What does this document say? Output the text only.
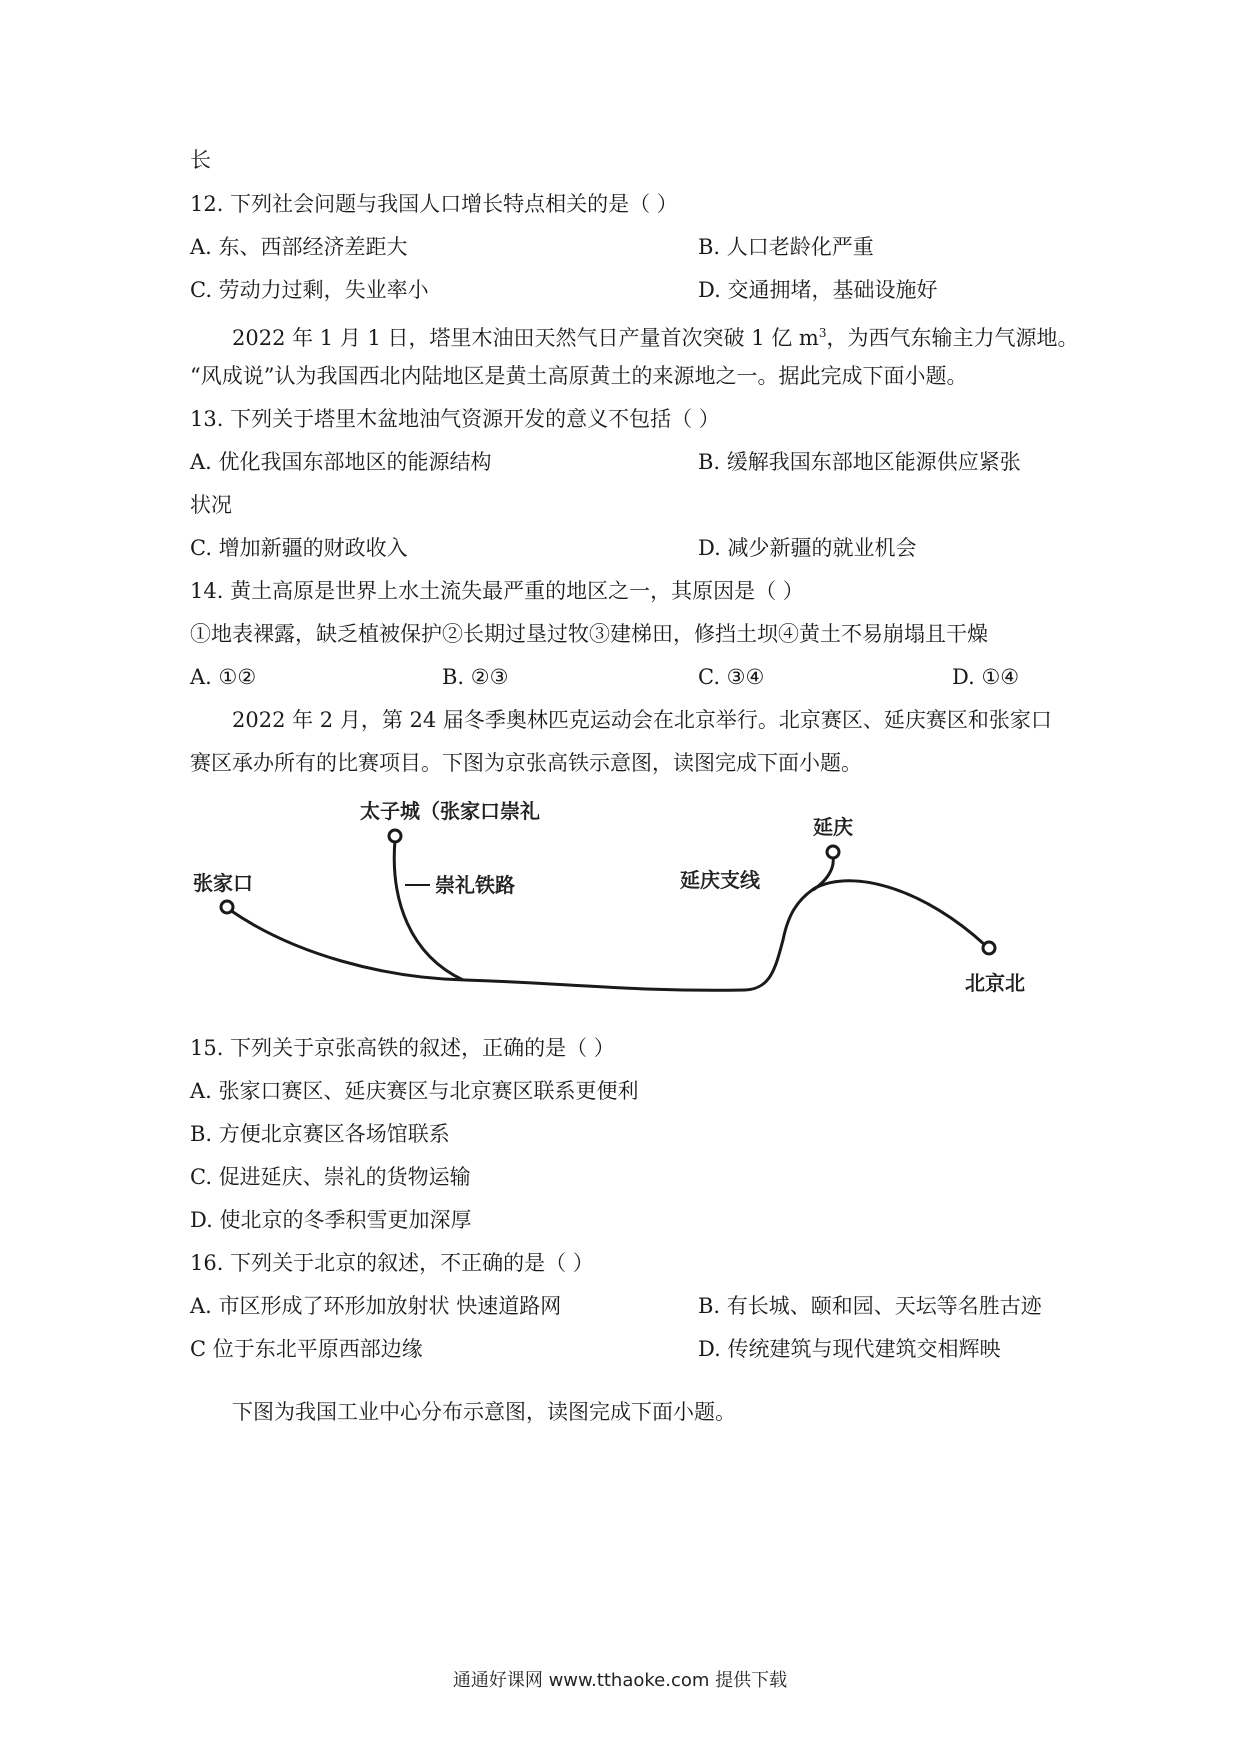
长
12. 下列社会问题与我国人口增长特点相关的是（ ）
A. 东、西部经济差距大	B. 人口老龄化严重
C. 劳动力过剩，失业率小	D. 交通拥堵，基础设施好
2022 年 1 月 1 日，塔里木油田天然气日产量首次突破 1 亿 $m^3$，为西气东输主力气源地。
“风成说”认为我国西北内陆地区是黄土高原黄土的来源地之一。据此完成下面小题。
13. 下列关于塔里木盆地油气资源开发的意义不包括（ ）
A. 优化我国东部地区的能源结构	B. 缓解我国东部地区能源供应紧张
状况
C. 增加新疆的财政收入	D. 减少新疆的就业机会
14. 黄土高原是世界上水土流失最严重的地区之一，其原因是（ ）
①地表裸露，缺乏植被保护②长期过垦过牧③建梯田，修挡土坝④黄土不易崩塌且干燥
A. ①②	B. ②③	C. ③④	D. ①④
2022 年 2 月，第 24 届冬季奥林匹克运动会在北京举行。北京赛区、延庆赛区和张家口
赛区承办所有的比赛项目。下图为京张高铁示意图，读图完成下面小题。
太子城（张家口崇礼
崇礼铁路
张家口
延庆
延庆支线
北京北
15. 下列关于京张高铁的叙述，正确的是（ ）
A. 张家口赛区、延庆赛区与北京赛区联系更便利
B. 方便北京赛区各场馆联系
C. 促进延庆、崇礼的货物运输
D. 使北京的冬季积雪更加深厚
16. 下列关于北京的叙述，不正确的是（ ）
A. 市区形成了环形加放射状 快速道路网	B. 有长城、颐和园、天坛等名胜古迹
C 位于东北平原西部边缘	D. 传统建筑与现代建筑交相辉映
下图为我国工业中心分布示意图，读图完成下面小题。
通通好课网 www.tthaoke.com 提供下载
